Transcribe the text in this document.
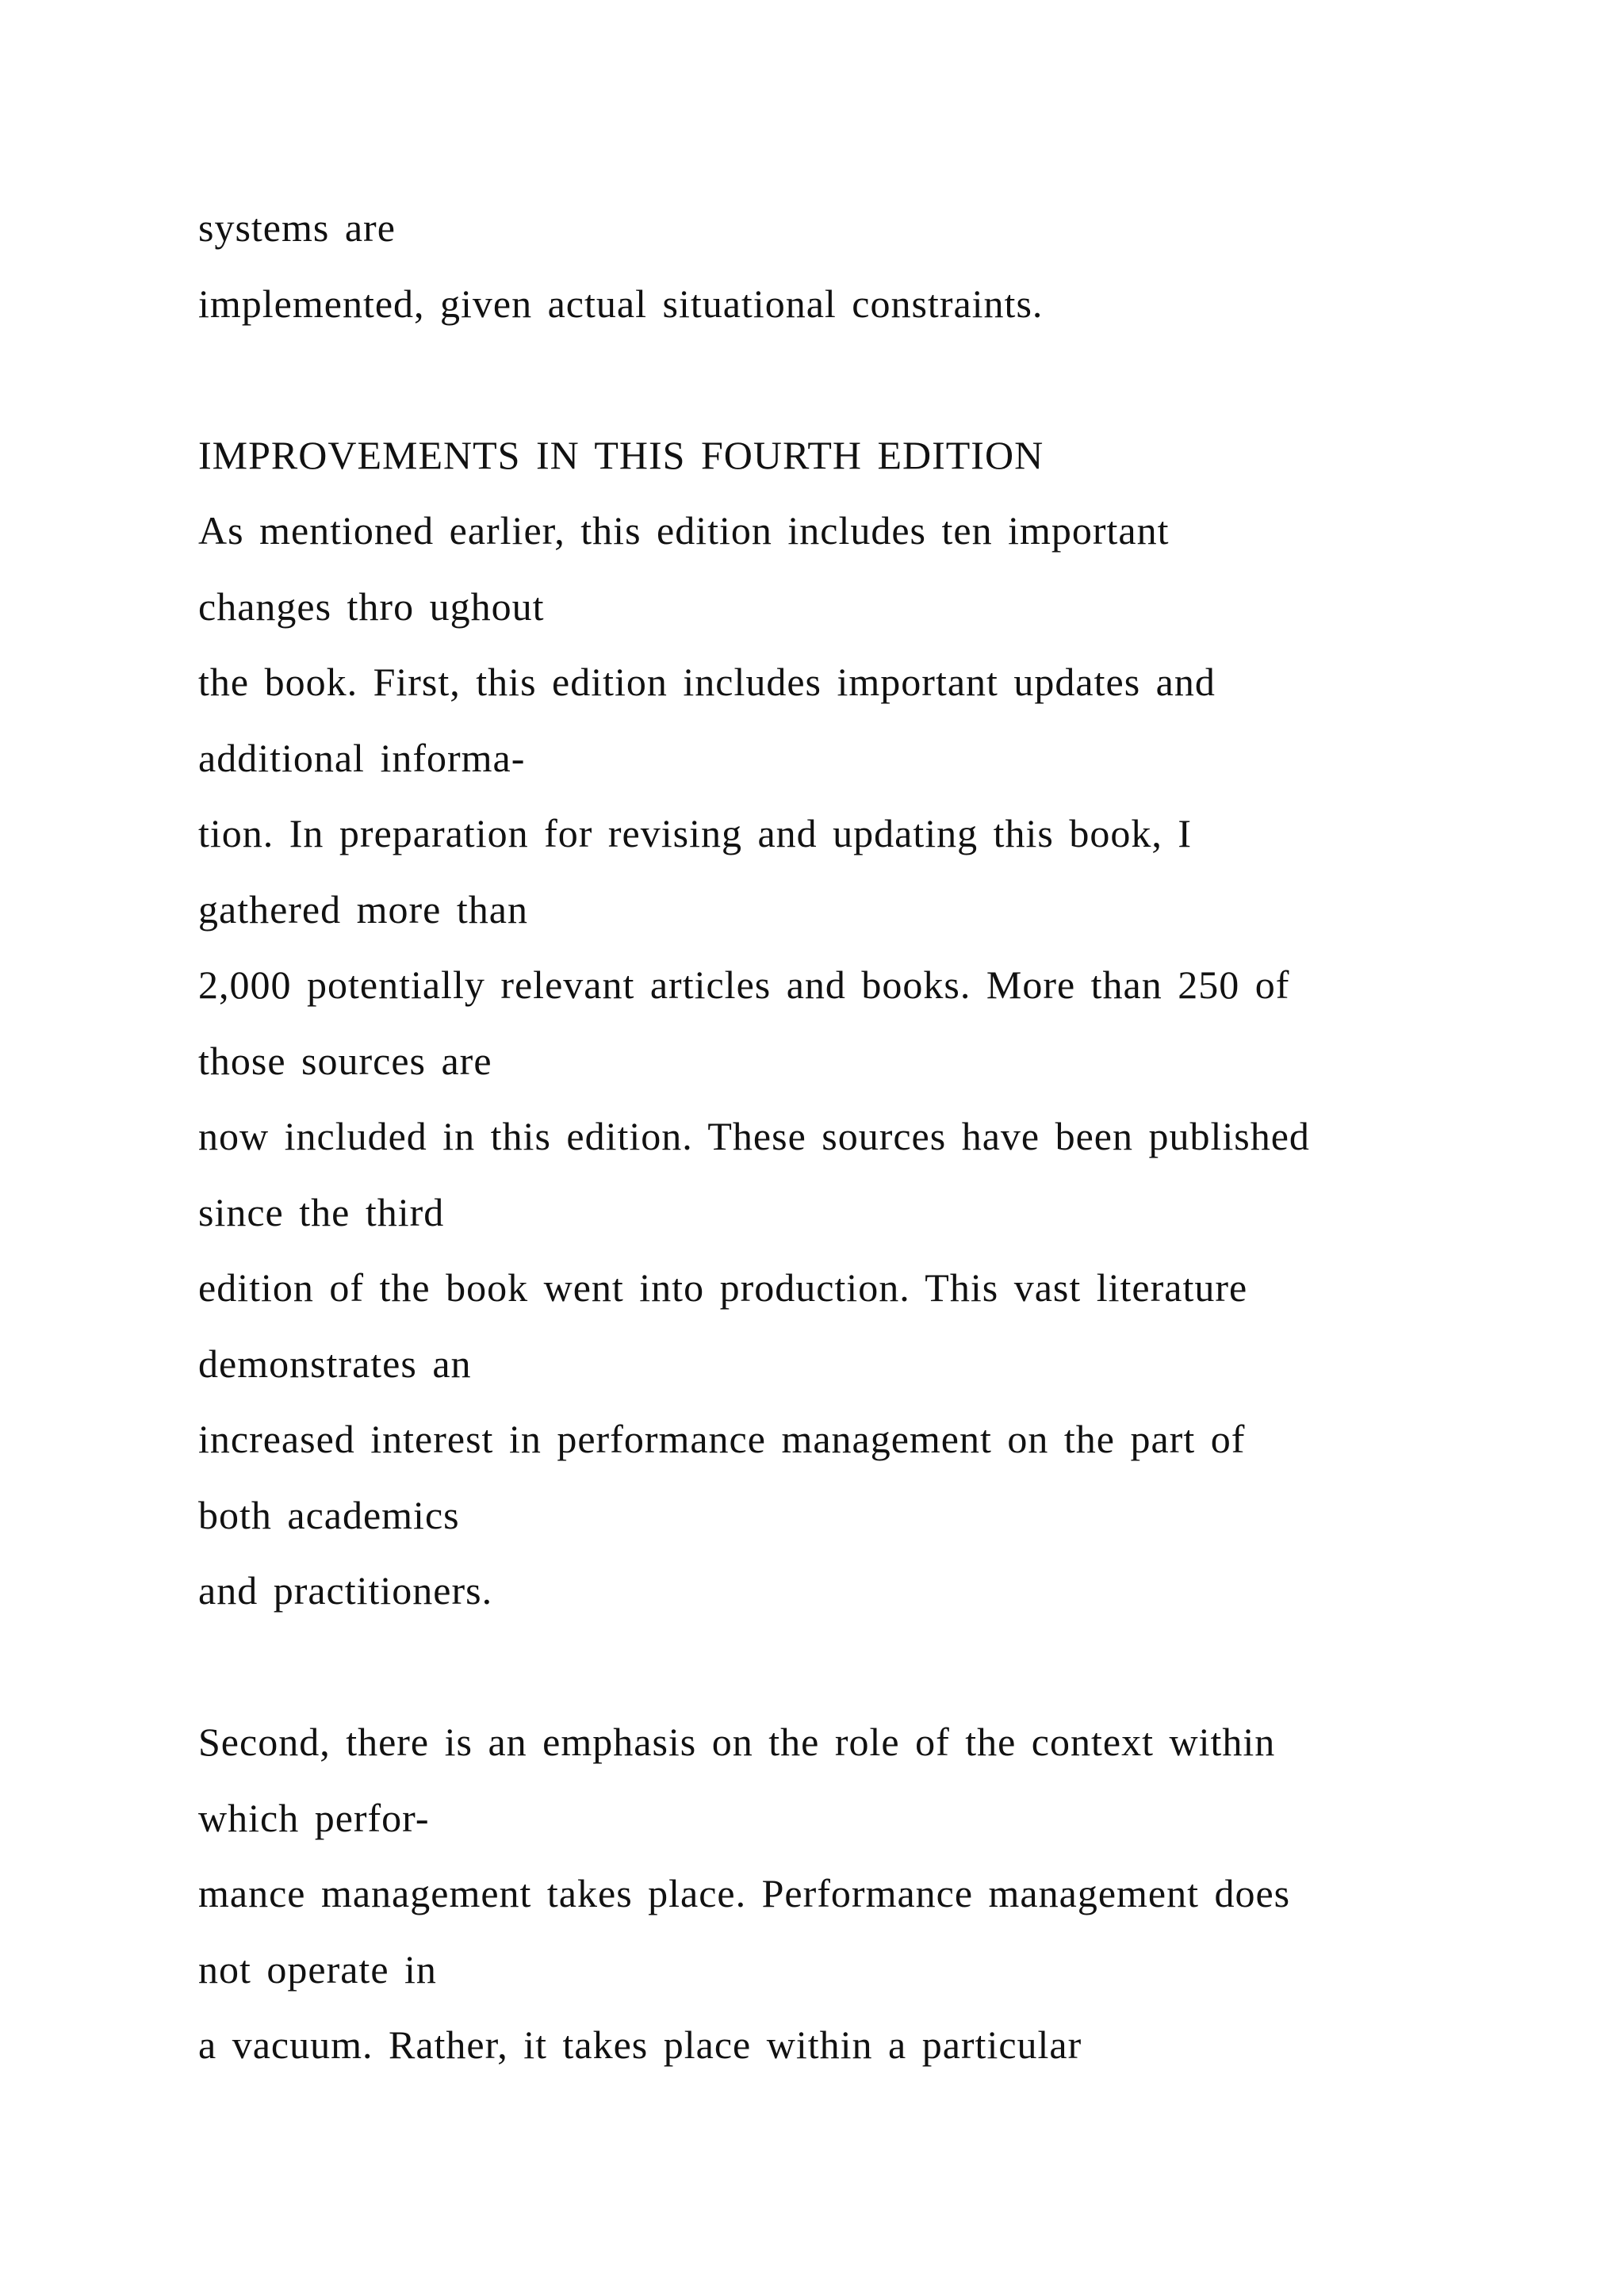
systems are
implemented, given actual situational constraints.
IMPROVEMENTS IN THIS FOURTH EDITION
As mentioned earlier, this edition includes ten important
changes thro ughout
the book. First, this edition includes important updates and
additional informa-
tion. In preparation for revising and updating this book, I
gathered more than
2,000 potentially relevant articles and books. More than 250 of
those sources are
now included in this edition. These sources have been published
since the third
edition of the book went into production. This vast literature
demonstrates an
increased interest in performance management on the part of
both academics
and practitioners.
Second, there is an emphasis on the role of the context within
which perfor-
mance management takes place. Performance management does
not operate in
a vacuum. Rather, it takes place within a particular
